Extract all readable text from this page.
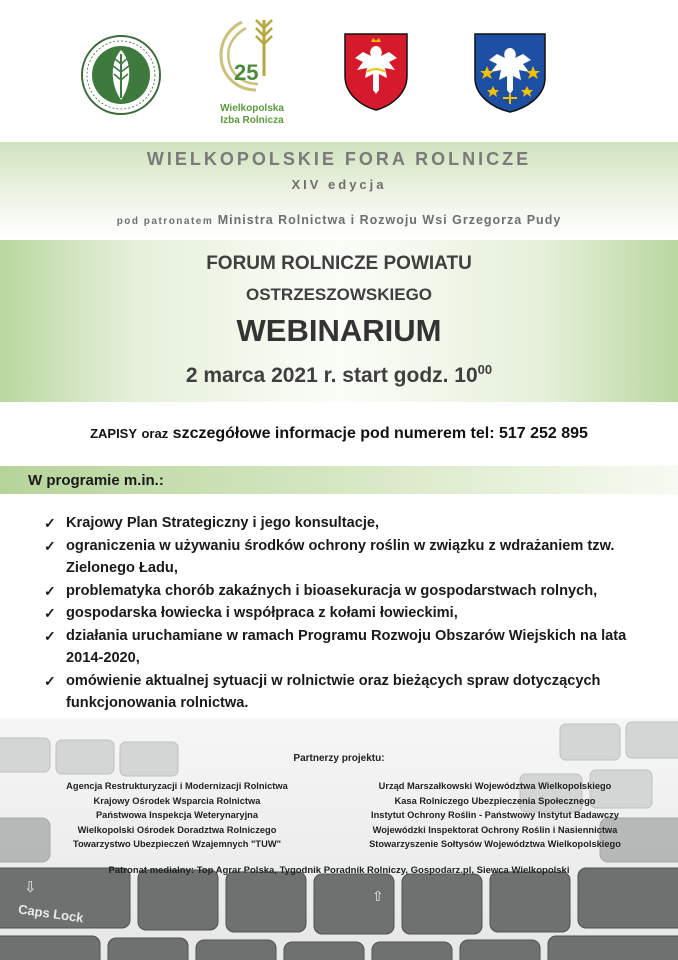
25
Wielkopolska
Izba Rolnicza
WIELKOPOLSKIE FORA ROLNICZE
XIV edycja
pod patronatem Ministra Rolnictwa i Rozwoju Wsi Grzegorza Pudy
FORUM ROLNICZE POWIATU
OSTRZESZOWSKIEGO
WEBINARIUM
2 marca 2021 r. start godz. $10^{00}$
ZAPISY oraz szczegółowe informacje pod numerem tel: 517 252 895
W programie m.in.:
✓ Krajowy Plan Strategiczny i jego konsultacje,
✓ ograniczenia w używaniu środków ochrony roślin w związku z wdrażaniem tzw. Zielonego Ładu,
✓ problematyka chorób zakaźnych i bioasekuracja w gospodarstwach rolnych,
✓ gospodarska łowiecka i współpraca z kołami łowieckimi,
✓ działania uruchamiane w ramach Programu Rozwoju Obszarów Wiejskich na lata 2014-2020,
✓ omówienie aktualnej sytuacji w rolnictwie oraz bieżących spraw dotyczących funkcjonowania rolnictwa.
Caps Lock
⇩	⇧
Partnerzy projektu:
Agencja Restrukturyzacji i Modernizacji Rolnictwa
Krajowy Ośrodek Wsparcia Rolnictwa
Państwowa Inspekcja Weterynaryjna
Wielkopolski Ośrodek Doradztwa Rolniczego
Towarzystwo Ubezpieczeń Wzajemnych "TUW"
Urząd Marszałkowski Województwa Wielkopolskiego
Kasa Rolniczego Ubezpieczenia Społecznego
Instytut Ochrony Roślin - Państwowy Instytut Badawczy
Wojewódzki Inspektorat Ochrony Roślin i Nasiennictwa
Stowarzyszenie Sołtysów Województwa Wielkopolskiego
Patronat medialny: Top Agrar Polska, Tygodnik Poradnik Rolniczy, Gospodarz.pl, Siewca Wielkopolski
